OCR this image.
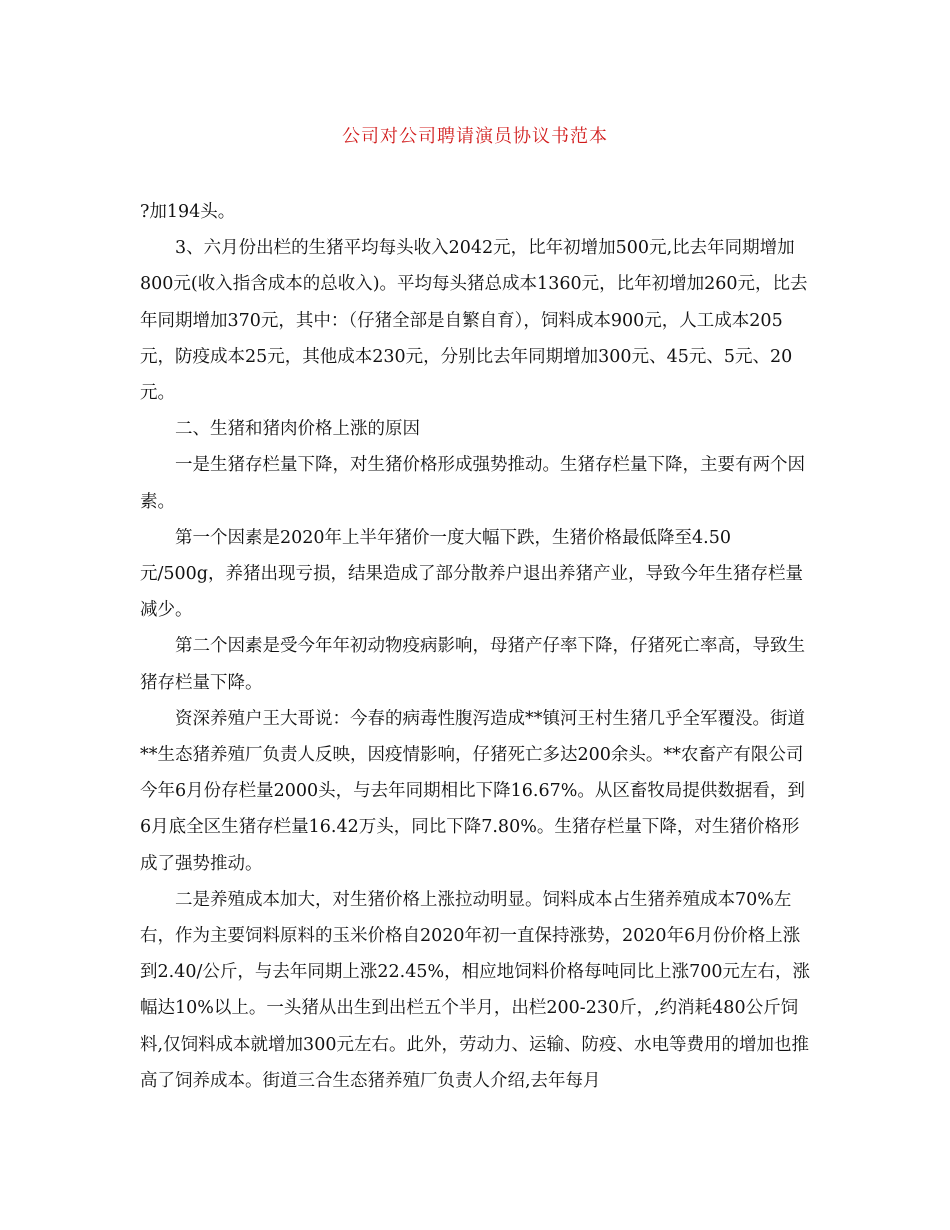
公司对公司聘请演员协议书范本

?加194头。

3、六月份出栏的生猪平均每头收入2042元，比年初增加500元,比去年同期增加800元(收入指含成本的总收入)。平均每头猪总成本1360元，比年初增加260元，比去年同期增加370元，其中：（仔猪全部是自繁自育），饲料成本900元，人工成本205元，防疫成本25元，其他成本230元，分别比去年同期增加300元、45元、5元、20元。

二、生猪和猪肉价格上涨的原因

一是生猪存栏量下降，对生猪价格形成强势推动。生猪存栏量下降，主要有两个因素。

第一个因素是2020年上半年猪价一度大幅下跌，生猪价格最低降至4.50元/500g，养猪出现亏损，结果造成了部分散养户退出养猪产业，导致今年生猪存栏量减少。

第二个因素是受今年年初动物疫病影响，母猪产仔率下降，仔猪死亡率高，导致生猪存栏量下降。

资深养殖户王大哥说：今春的病毒性腹泻造成**镇河王村生猪几乎全军覆没。街道**生态猪养殖厂负责人反映，因疫情影响，仔猪死亡多达200余头。**农畜产有限公司今年6月份存栏量2000头，与去年同期相比下降16.67%。从区畜牧局提供数据看，到6月底全区生猪存栏量16.42万头，同比下降7.80%。生猪存栏量下降，对生猪价格形成了强势推动。

二是养殖成本加大，对生猪价格上涨拉动明显。饲料成本占生猪养殖成本70%左右，作为主要饲料原料的玉米价格自2020年初一直保持涨势，2020年6月份价格上涨到2.40/公斤，与去年同期上涨22.45%，相应地饲料价格每吨同比上涨700元左右，涨幅达10%以上。一头猪从出生到出栏五个半月，出栏200-230斤，,约消耗480公斤饲料,仅饲料成本就增加300元左右。此外，劳动力、运输、防疫、水电等费用的增加也推高了饲养成本。街道三合生态猪养殖厂负责人介绍,去年每月
